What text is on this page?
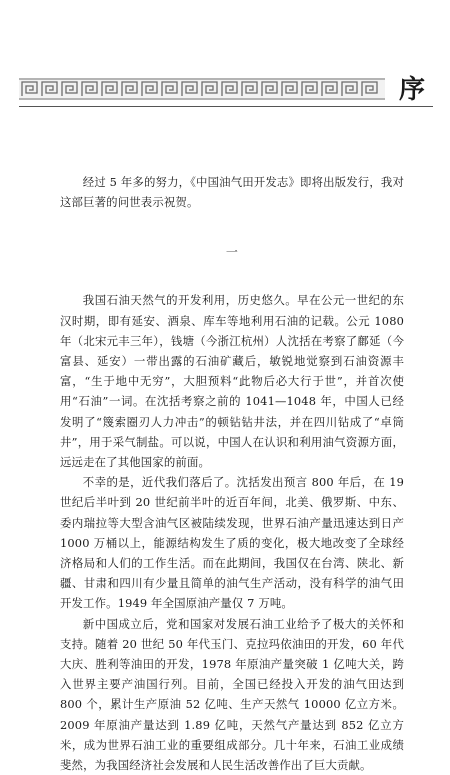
序

经过 5 年多的努力，《中国油气田开发志》即将出版发行，我对这部巨著的问世表示祝贺。

一

我国石油天然气的开发利用，历史悠久。早在公元一世纪的东汉时期，即有延安、酒泉、库车等地利用石油的记载。公元 1080 年（北宋元丰三年），钱塘（今浙江杭州）人沈括在考察了鄜延（今富县、延安）一带出露的石油矿藏后，敏锐地觉察到石油资源丰富，“生于地中无穷”，大胆预料“此物后必大行于世”，并首次使用“石油”一词。在沈括考察之前的 1041—1048 年，中国人已经发明了“篾索圈刃人力冲击”的顿钻钻井法，并在四川钻成了“卓筒井”，用于采气制盐。可以说，中国人在认识和利用油气资源方面，远远走在了其他国家的前面。

不幸的是，近代我们落后了。沈括发出预言 800 年后，在 19 世纪后半叶到 20 世纪前半叶的近百年间，北美、俄罗斯、中东、委内瑞拉等大型含油气区被陆续发现，世界石油产量迅速达到日产 1000 万桶以上，能源结构发生了质的变化，极大地改变了全球经济格局和人们的工作生活。而在此期间，我国仅在台湾、陕北、新疆、甘肃和四川有少量且简单的油气生产活动，没有科学的油气田开发工作。1949 年全国原油产量仅 7 万吨。

新中国成立后，党和国家对发展石油工业给予了极大的关怀和支持。随着 20 世纪 50 年代玉门、克拉玛依油田的开发，60 年代大庆、胜利等油田的开发，1978 年原油产量突破 1 亿吨大关，跨入世界主要产油国行列。目前，全国已经投入开发的油气田达到 800 个，累计生产原油 52 亿吨、生产天然气 10000 亿立方米。2009 年原油产量达到 1.89 亿吨，天然气产量达到 852 亿立方米，成为世界石油工业的重要组成部分。几十年来，石油工业成绩斐然，为我国经济社会发展和人民生活改善作出了巨大贡献。
